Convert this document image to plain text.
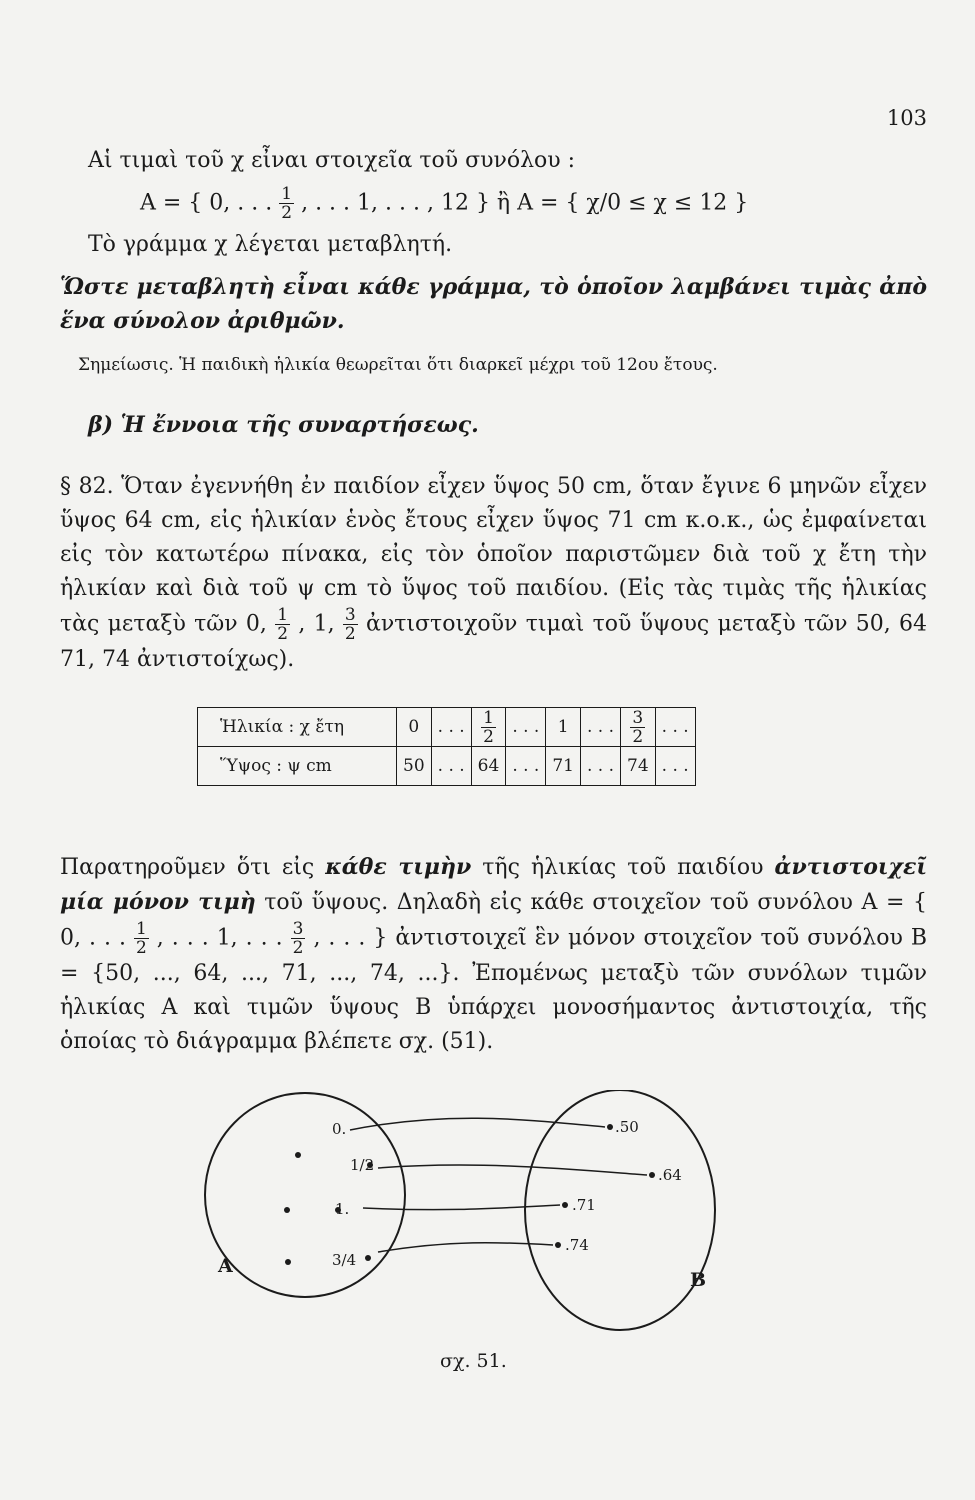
103
Αἱ τιμαὶ τοῦ χ εἶναι στοιχεῖα τοῦ συνόλου :
A = { 0, . . . $\frac{1}{2}$ , . . . 1, . . . , 12 } ἢ A = { χ/0 ≤ χ ≤ 12 }
Τὸ γράμμα χ λέγεται μεταβλητή.
Ὥστε μεταβλητὴ εἶναι κάθε γράμμα, τὸ ὁποῖον λαμβάνει τιμὰς ἀπὸ ἕνα σύνολον ἀριθμῶν.
Σημείωσις. Ἡ παιδικὴ ἡλικία θεωρεῖται ὅτι διαρκεῖ μέχρι τοῦ 12ου ἔτους.
β) Ἡ ἔννοια τῆς συναρτήσεως.
§ 82. Ὅταν ἐγεννήθη ἐν παιδίον εἶχεν ὕψος 50 cm, ὅταν ἔγινε 6 μηνῶν εἶχεν ὕψος 64 cm, εἰς ἡλικίαν ἑνὸς ἔτους εἶχεν ὕψος 71 cm κ.ο.κ., ὡς ἐμφαίνεται εἰς τὸν κατωτέρω πίνακα, εἰς τὸν ὁποῖον παριστῶμεν διὰ τοῦ χ ἔτη τὴν ἡλικίαν καὶ διὰ τοῦ ψ cm τὸ ὕψος τοῦ παιδίου. (Εἰς τὰς τιμὰς τῆς ἡλικίας τὰς μεταξὺ τῶν 0, $\frac{1}{2}$ , 1, $\frac{3}{2}$ ἀντιστοιχοῦν τιμαὶ τοῦ ὕψους μεταξὺ τῶν 50, 64 71, 74 ἀντιστοίχως).
Ἡλικία : χ ἔτη	0	. . .	$\frac{1}{2}$	. . .	1	. . .	$\frac{3}{2}$	. . .
Ὕψος : ψ cm	50	. . .	64	. . .	71	. . .	74	. . .
Παρατηροῦμεν ὅτι εἰς κάθε τιμὴν τῆς ἡλικίας τοῦ παιδίου ἀντιστοιχεῖ μία μόνον τιμὴ τοῦ ὕψους. Δηλαδὴ εἰς κάθε στοιχεῖον τοῦ συνόλου A = { 0, . . . $\frac{1}{2}$ , . . . 1, . . . $\frac{3}{2}$ , . . . } ἀντιστοιχεῖ ἓν μόνον στοιχεῖον τοῦ συνόλου B = {50, ..., 64, ..., 71, ..., 74, ...}. Ἐπομένως μεταξὺ τῶν συνόλων τιμῶν ἡλικίας A καὶ τιμῶν ὕψους B ὑπάρχει μονοσήμαντος ἀντιστοιχία, τῆς ὁποίας τὸ διάγραμμα βλέπετε σχ. (51).
0.
1/2
1.
3/4
.50
.64
.71
.74
A
B
σχ. 51.
